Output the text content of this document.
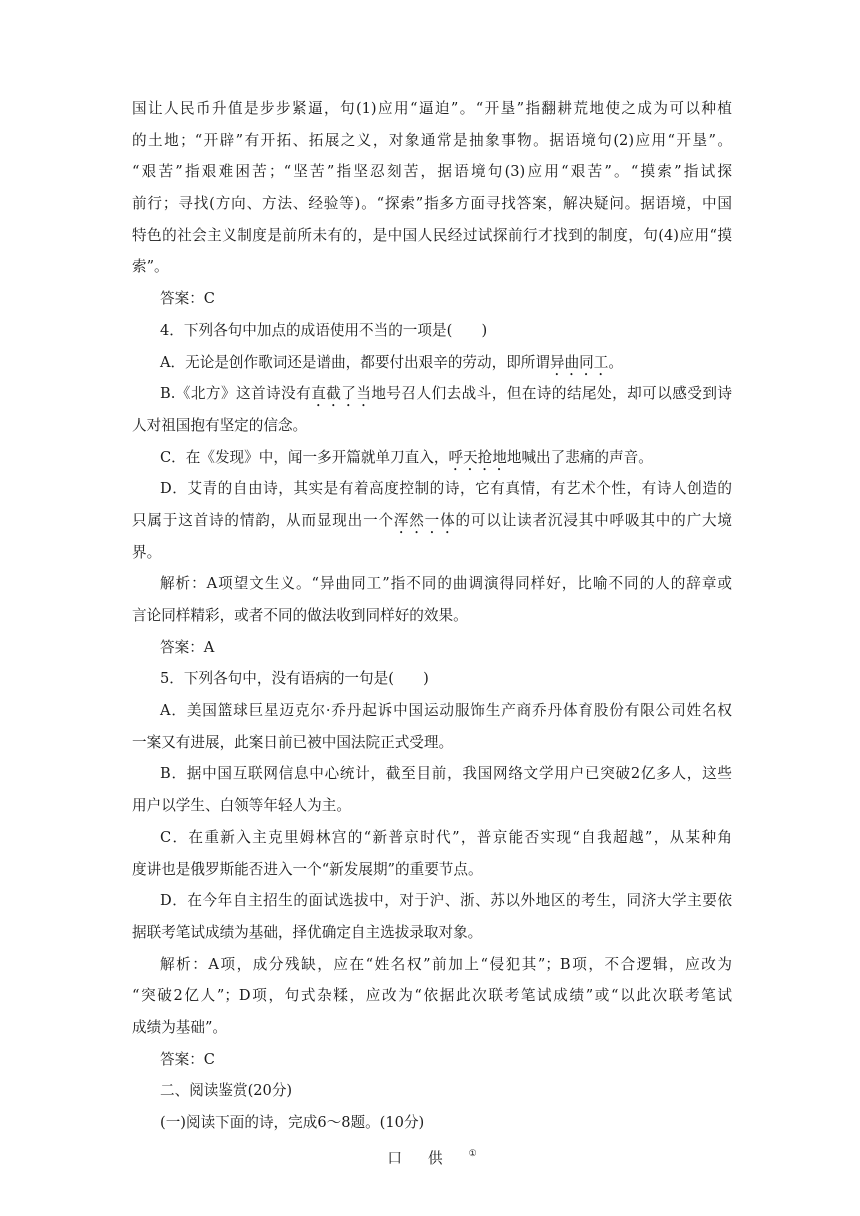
国让人民币升值是步步紧逼，句(1)应用“逼迫”。“开垦”指翻耕荒地使之成为可以种植
的土地；“开辟”有开拓、拓展之义，对象通常是抽象事物。据语境句(2)应用“开垦”。
“艰苦”指艰难困苦；“坚苦”指坚忍刻苦，据语境句(3)应用“艰苦”。“摸索”指试探
前行；寻找(方向、方法、经验等)。“探索”指多方面寻找答案，解决疑问。据语境，中国
特色的社会主义制度是前所未有的，是中国人民经过试探前行才找到的制度，句(4)应用“摸
索”。
答案：C
4．下列各句中加点的成语使用不当的一项是(　　)
A．无论是创作歌词还是谱曲，都要付出艰辛的劳动，即所谓异曲同工。
B.《北方》这首诗没有直截了当地号召人们去战斗，但在诗的结尾处，却可以感受到诗
人对祖国抱有坚定的信念。
C．在《发现》中，闻一多开篇就单刀直入，呼天抢地地喊出了悲痛的声音。
D．艾青的自由诗，其实是有着高度控制的诗，它有真情，有艺术个性，有诗人创造的
只属于这首诗的情韵，从而显现出一个浑然一体的可以让读者沉浸其中呼吸其中的广大境
界。
解析：A项望文生义。“异曲同工”指不同的曲调演得同样好，比喻不同的人的辞章或
言论同样精彩，或者不同的做法收到同样好的效果。
答案：A
5．下列各句中，没有语病的一句是(　　)
A．美国篮球巨星迈克尔·乔丹起诉中国运动服饰生产商乔丹体育股份有限公司姓名权
一案又有进展，此案日前已被中国法院正式受理。
B．据中国互联网信息中心统计，截至目前，我国网络文学用户已突破2亿多人，这些
用户以学生、白领等年轻人为主。
C．在重新入主克里姆林宫的“新普京时代”，普京能否实现“自我超越”，从某种角
度讲也是俄罗斯能否进入一个“新发展期”的重要节点。
D．在今年自主招生的面试选拔中，对于沪、浙、苏以外地区的考生，同济大学主要依
据联考笔试成绩为基础，择优确定自主选拔录取对象。
解析：A项，成分残缺，应在“姓名权”前加上“侵犯其”；B项，不合逻辑，应改为
“突破2亿人”；D项，句式杂糅，应改为“依据此次联考笔试成绩”或“以此次联考笔试
成绩为基础”。
答案：C
二、阅读鉴赏(20分)
(一)阅读下面的诗，完成6～8题。(10分)
口供①
